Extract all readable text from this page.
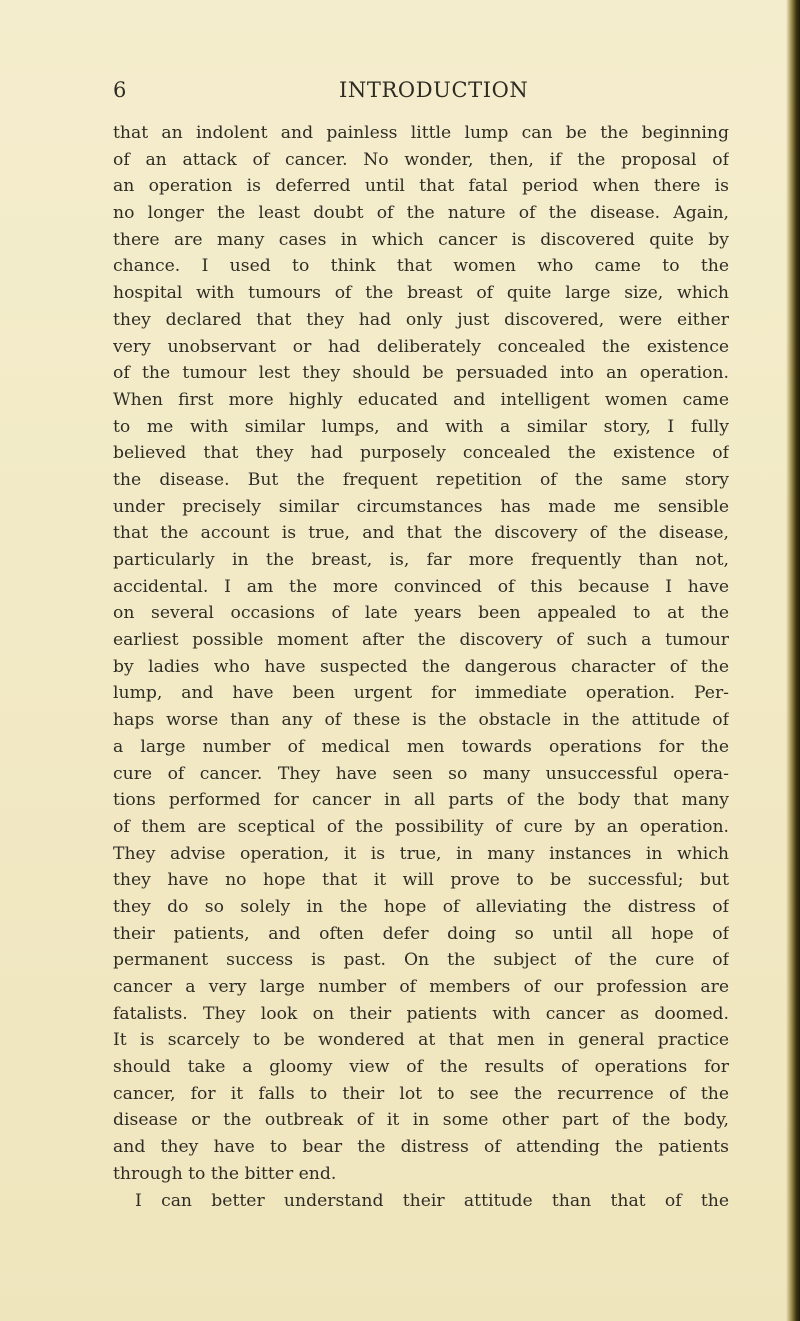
6	INTRODUCTION
that an indolent and painless little lump can be the beginning
of an attack of cancer. No wonder, then, if the proposal of
an operation is deferred until that fatal period when there is
no longer the least doubt of the nature of the disease. Again,
there are many cases in which cancer is discovered quite by
chance. I used to think that women who came to the
hospital with tumours of the breast of quite large size, which
they declared that they had only just discovered, were either
very unobservant or had deliberately concealed the existence
of the tumour lest they should be persuaded into an operation.
When first more highly educated and intelligent women came
to me with similar lumps, and with a similar story, I fully
believed that they had purposely concealed the existence of
the disease. But the frequent repetition of the same story
under precisely similar circumstances has made me sensible
that the account is true, and that the discovery of the disease,
particularly in the breast, is, far more frequently than not,
accidental. I am the more convinced of this because I have
on several occasions of late years been appealed to at the
earliest possible moment after the discovery of such a tumour
by ladies who have suspected the dangerous character of the
lump, and have been urgent for immediate operation. Per-
haps worse than any of these is the obstacle in the attitude of
a large number of medical men towards operations for the
cure of cancer. They have seen so many unsuccessful opera-
tions performed for cancer in all parts of the body that many
of them are sceptical of the possibility of cure by an operation.
They advise operation, it is true, in many instances in which
they have no hope that it will prove to be successful; but
they do so solely in the hope of alleviating the distress of
their patients, and often defer doing so until all hope of
permanent success is past. On the subject of the cure of
cancer a very large number of members of our profession are
fatalists. They look on their patients with cancer as doomed.
It is scarcely to be wondered at that men in general practice
should take a gloomy view of the results of operations for
cancer, for it falls to their lot to see the recurrence of the
disease or the outbreak of it in some other part of the body,
and they have to bear the distress of attending the patients
through to the bitter end.
I can better understand their attitude than that of the
